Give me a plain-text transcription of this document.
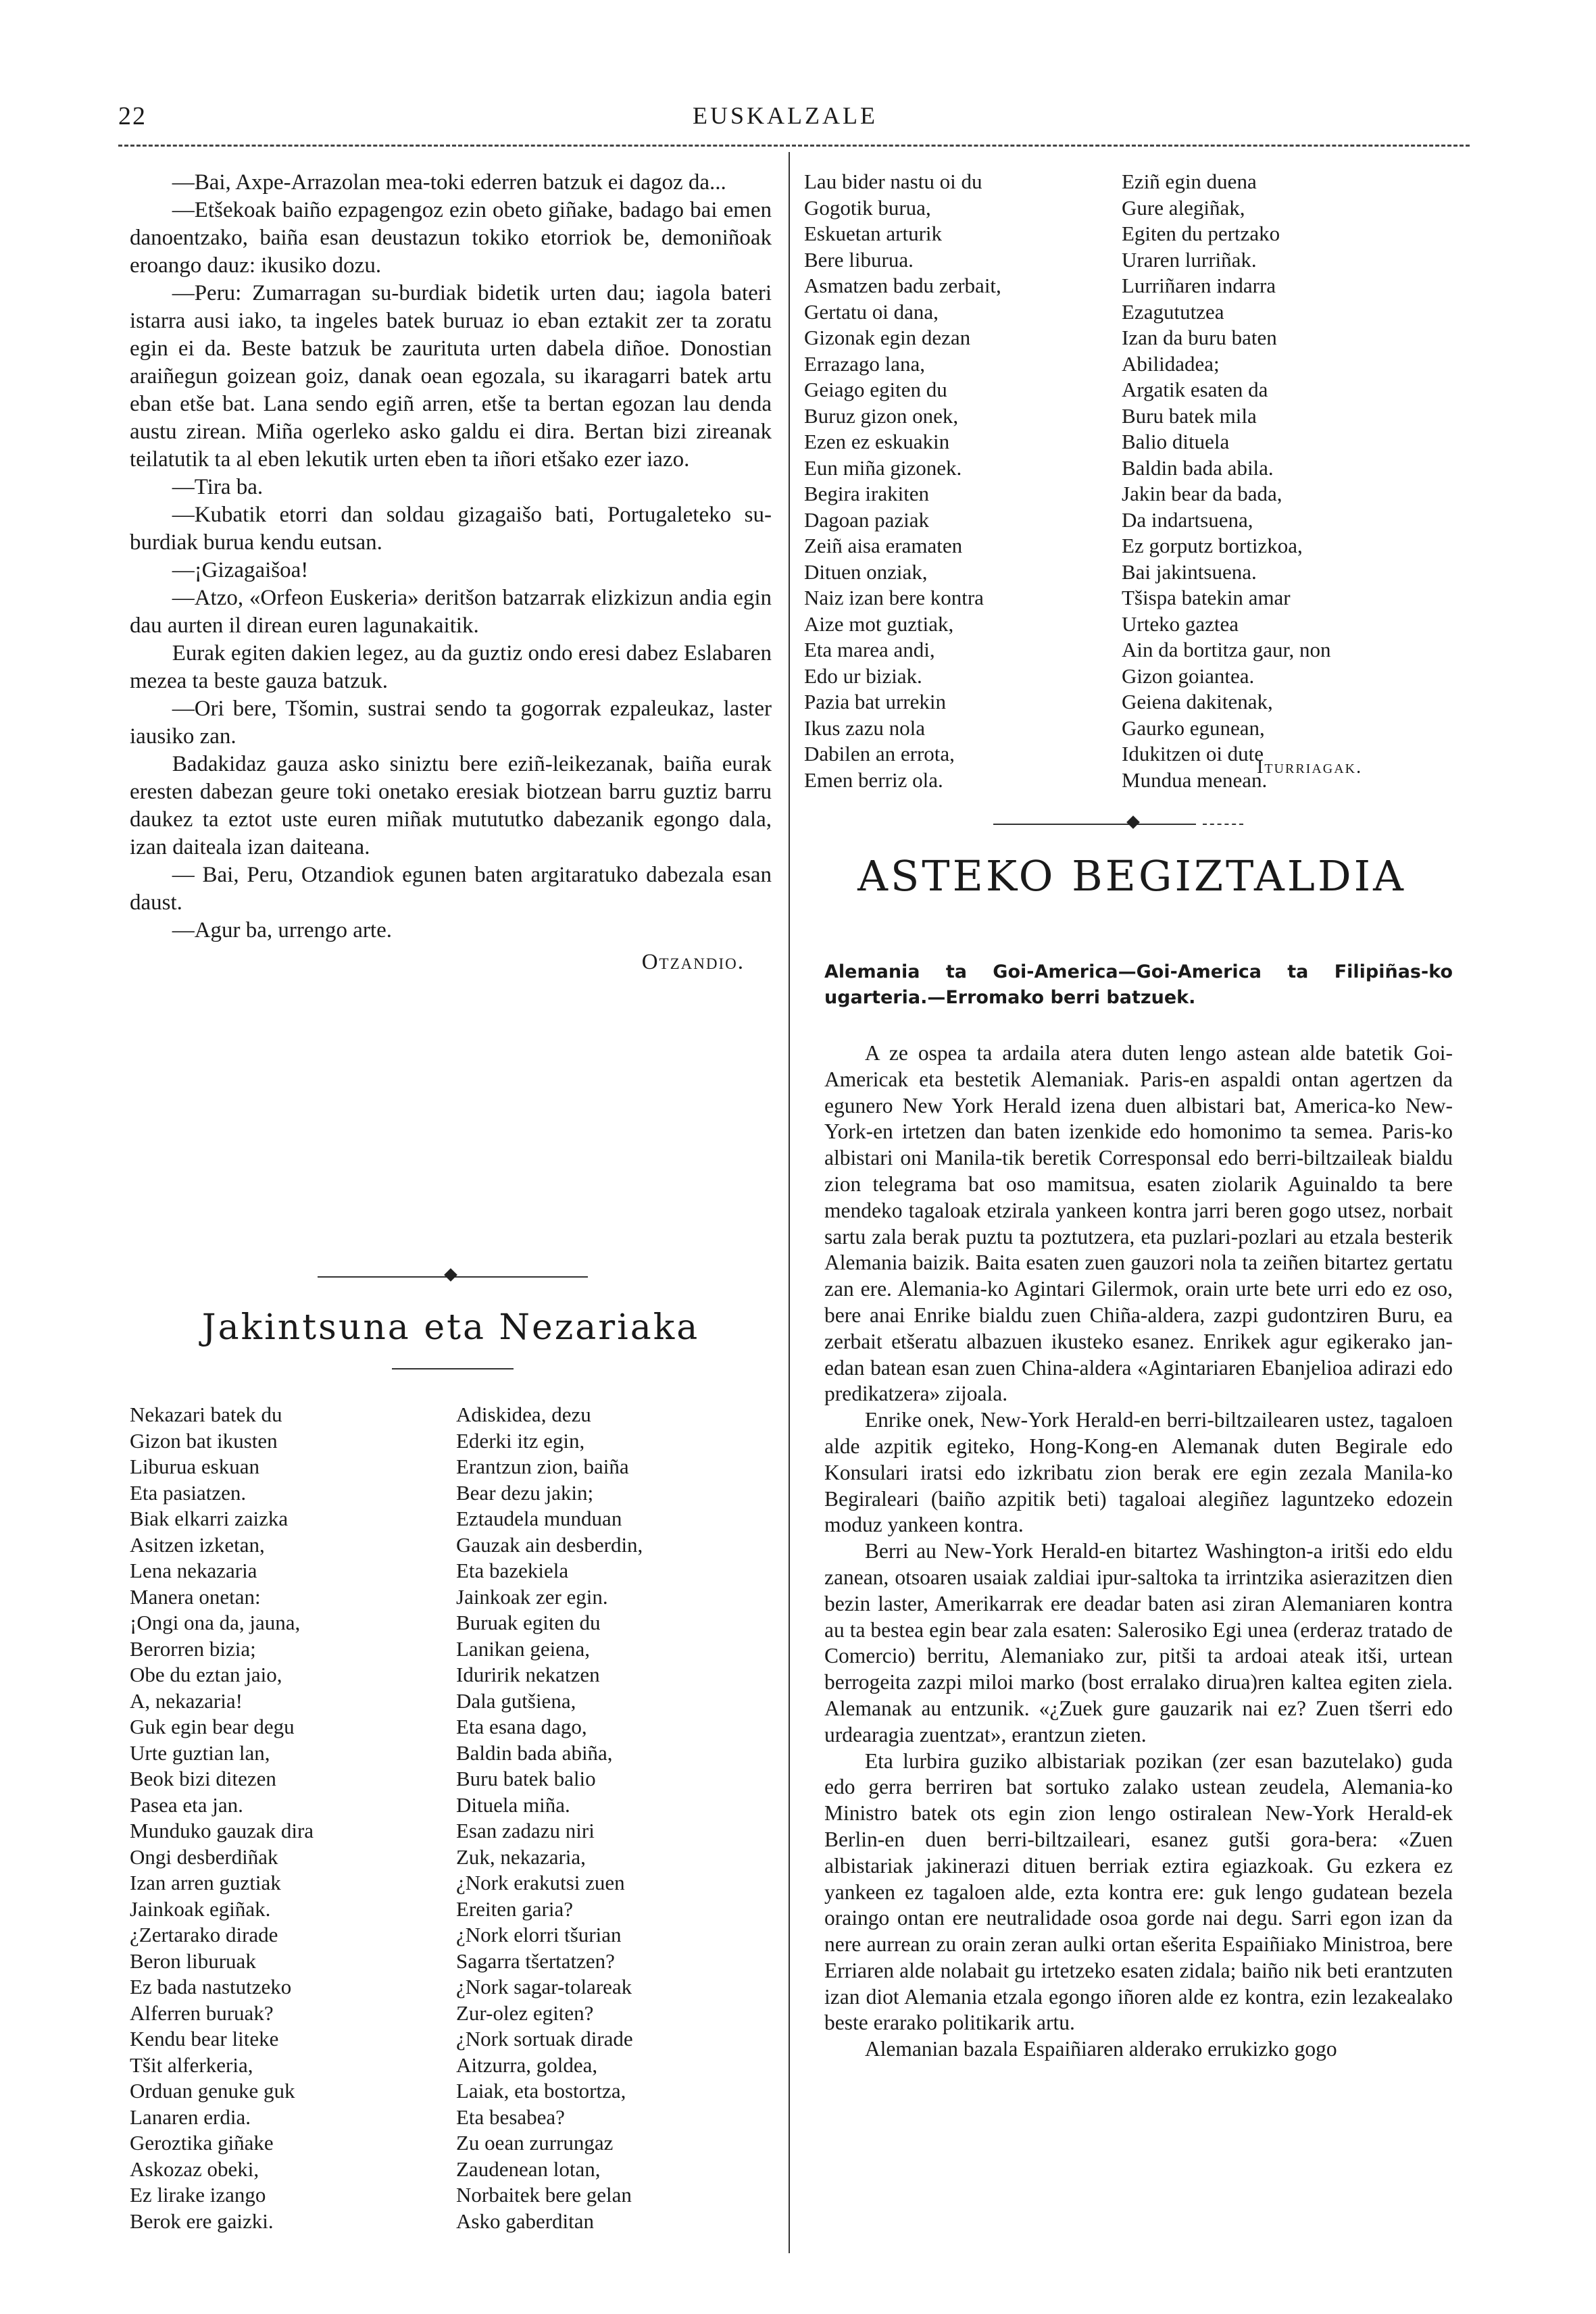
22	EUSKALZALE

—Bai, Axpe-Arrazolan mea-toki ederren batzuk ei dagoz da...

—Etšekoak baiño ezpagengoz ezin obeto giñake, badago bai emen danoentzako, baiña esan deustazun tokiko etorriok be, demoniñoak eroango dauz: ikusiko dozu.

—Peru: Zumarragan su-burdiak bidetik urten dau; iagola bateri istarra ausi iako, ta ingeles batek buruaz io eban eztakit zer ta zoratu egin ei da. Beste batzuk be zaurituta urten dabela diñoe. Donostian araiñegun goizean goiz, danak oean egozala, su ikaragarri batek artu eban etše bat. Lana sendo egiñ arren, etše ta bertan egozan lau denda austu zirean. Miña ogerleko asko galdu ei dira. Bertan bizi zireanak teilatutik ta al eben lekutik urten eben ta iñori etšako ezer iazo.

—Tira ba.

—Kubatik etorri dan soldau gizagaišo bati, Portugaleteko su-burdiak burua kendu eutsan.

—¡Gizagaišoa!

—Atzo, «Orfeon Euskeria» deritšon batzarrak elizkizun andia egin dau aurten il direan euren lagunakaitik.

Eurak egiten dakien legez, au da guztiz ondo eresi dabez Eslabaren mezea ta beste gauza batzuk.

—Ori bere, Tšomin, sustrai sendo ta gogorrak ezpaleukaz, laster iausiko zan.

Badakidaz gauza asko siniztu bere eziñ-leikezanak, baiña eurak eresten dabezan geure toki onetako eresiak biotzean barru guztiz barru daukez ta eztot uste euren miñak mutututko dabezanik egongo dala, izan daiteala izan daiteana.

— Bai, Peru, Otzandiok egunen baten argitaratuko dabezala esan daust.

—Agur ba, urrengo arte.

Otzandio.
Jakintsuna eta Nezariaka
Nekazari batek du
Gizon bat ikusten
Liburua eskuan
Eta pasiatzen.
Biak elkarri zaizka
Asitzen izketan,
Lena nekazaria
Manera onetan:
¡Ongi ona da, jauna,
Berorren bizia;
Obe du eztan jaio,
A, nekazaria!
Guk egin bear degu
Urte guztian lan,
Beok bizi ditezen
Pasea eta jan.
Munduko gauzak dira
Ongi desberdiñak
Izan arren guztiak
Jainkoak egiñak.
¿Zertarako dirade
Beron liburuak
Ez bada nastutzeko
Alferren buruak?
Kendu bear liteke
Tšit alferkeria,
Orduan genuke guk
Lanaren erdia.
Geroztika giñake
Askozaz obeki,
Ez lirake izango
Berok ere gaizki.
Adiskidea, dezu
Ederki itz egin,
Erantzun zion, baiña
Bear dezu jakin;
Eztaudela munduan
Gauzak ain desberdin,
Eta bazekiela
Jainkoak zer egin.
Buruak egiten du
Lanikan geiena,
Iduririk nekatzen
Dala gutšiena,
Eta esana dago,
Baldin bada abiña,
Buru batek balio
Dituela miña.
Esan zadazu niri
Zuk, nekazaria,
¿Nork erakutsi zuen
Ereiten garia?
¿Nork elorri tšurian
Sagarra tšertatzen?
¿Nork sagar-tolareak
Zur-olez egiten?
¿Nork sortuak dirade
Aitzurra, goldea,
Laiak, eta bostortza,
Eta besabea?
Zu oean zurrungaz
Zaudenean lotan,
Norbaitek bere gelan
Asko gaberditan
Lau bider nastu oi du
Gogotik burua,
Eskuetan arturik
Bere liburua.
Asmatzen badu zerbait,
Gertatu oi dana,
Gizonak egin dezan
Errazago lana,
Geiago egiten du
Buruz gizon onek,
Ezen ez eskuakin
Eun miña gizonek.
Begira irakiten
Dagoan paziak
Zeiñ aisa eramaten
Dituen onziak,
Naiz izan bere kontra
Aize mot guztiak,
Eta marea andi,
Edo ur biziak.
Pazia bat urrekin
Ikus zazu nola
Dabilen an errota,
Emen berriz ola.
Eziñ egin duena
Gure alegiñak,
Egiten du pertzako
Uraren lurriñak.
Lurriñaren indarra
Ezagututzea
Izan da buru baten
Abilidadea;
Argatik esaten da
Buru batek mila
Balio dituela
Baldin bada abila.
Jakin bear da bada,
Da indartsuena,
Ez gorputz bortizkoa,
Bai jakintsuena.
Tšispa batekin amar
Urteko gaztea
Ain da bortitza gaur, non
Gizon goiantea.
Geiena dakitenak,
Gaurko egunean,
Idukitzen oi dute
Mundua menean.
Iturriagak.
ASTEKO BEGIZTALDIA
Alemania ta Goi-America—Goi-America ta Filipiñas-ko ugarteria.—Erromako berri batzuek.

A ze ospea ta ardaila atera duten lengo astean alde batetik Goi-Americak eta bestetik Alemaniak. Paris-en aspaldi ontan agertzen da egunero New York Herald izena duen albistari bat, America-ko New-York-en irtetzen dan baten izenkide edo homonimo ta semea. Paris-ko albistari oni Manila-tik beretik Corresponsal edo berri-biltzaileak bialdu zion telegrama bat oso mamitsua, esaten ziolarik Aguinaldo ta bere mendeko tagaloak etzirala yankeen kontra jarri beren gogo utsez, norbait sartu zala berak puztu ta poztutzera, eta puzlari-pozlari au etzala besterik Alemania baizik. Baita esaten zuen gauzori nola ta zeiñen bitartez gertatu zan ere. Alemania-ko Agintari Gilermok, orain urte bete urri edo ez oso, bere anai Enrike bialdu zuen Chiña-aldera, zazpi gudontziren Buru, ea zerbait etšeratu albazuen ikusteko esanez. Enrikek agur egikerako jan-edan batean esan zuen China-aldera «Agintariaren Ebanjelioa adirazi edo predikatzera» zijoala.

Enrike onek, New-York Herald-en berri-biltzailearen ustez, tagaloen alde azpitik egiteko, Hong-Kong-en Alemanak duten Begirale edo Konsulari iratsi edo izkribatu zion berak ere egin zezala Manila-ko Begiraleari (baiño azpitik beti) tagaloai alegiñez laguntzeko edozein moduz yankeen kontra.

Berri au New-York Herald-en bitartez Washington-a iritši edo eldu zanean, otsoaren usaiak zaldiai ipur-saltoka ta irrintzika asierazitzen dien bezin laster, Amerikarrak ere deadar baten asi ziran Alemaniaren kontra au ta bestea egin bear zala esaten: Salerosiko Egi unea (erderaz tratado de Comercio) berritu, Alemaniako zur, pitši ta ardoai ateak itši, urtean berrogeita zazpi miloi marko (bost erralako dirua)ren kaltea egiten ziela. Alemanak au entzunik. «¿Zuek gure gauzarik nai ez? Zuen tšerri edo urdearagia zuentzat», erantzun zieten.

Eta lurbira guziko albistariak pozikan (zer esan bazutelako) guda edo gerra berriren bat sortuko zalako ustean zeudela, Alemania-ko Ministro batek ots egin zion lengo ostiralean New-York Herald-ek Berlin-en duen berri-biltzaileari, esanez gutši gora-bera: «Zuen albistariak jakinerazi dituen berriak eztira egiazkoak. Gu ezkera ez yankeen ez tagaloen alde, ezta kontra ere: guk lengo gudatean bezela oraingo ontan ere neutralidade osoa gorde nai degu. Sarri egon izan da nere aurrean zu orain zeran aulki ortan ešerita Espaiñiako Ministroa, bere Erriaren alde nolabait gu irtetzeko esaten zidala; baiño nik beti erantzuten izan diot Alemania etzala egongo iñoren alde ez kontra, ezin lezakealako beste erarako politikarik artu.

Alemanian bazala Espaiñiaren alderako errukizko gogo
